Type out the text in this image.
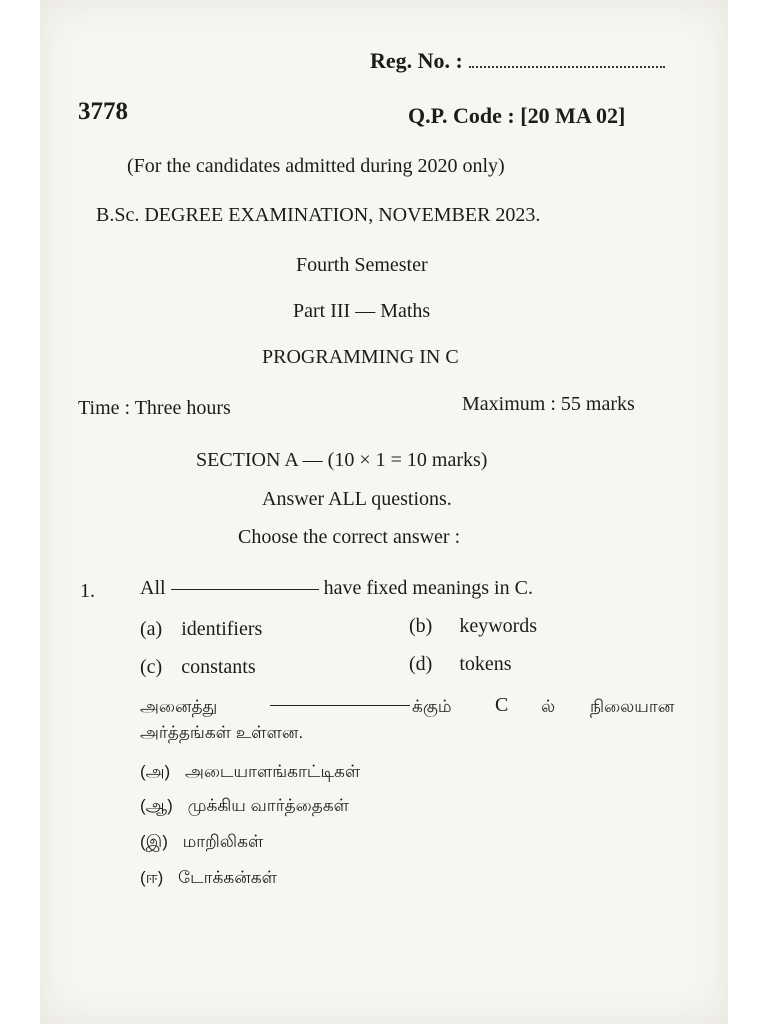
Reg. No. :
3778	Q.P. Code : [20 MA 02]
(For the candidates admitted during 2020 only)
B.Sc. DEGREE EXAMINATION, NOVEMBER 2023.
Fourth Semester
Part III — Maths
PROGRAMMING IN C
Time : Three hours	Maximum : 55 marks
SECTION A — (10 × 1 = 10 marks)
Answer ALL questions.
Choose the correct answer :
1. All	have fixed meanings in C.
(a) identifiers	(b) keywords
(c) constants	(d) tokens
அனைத்து	க்கும் C ல் நிலையான
அர்த்தங்கள் உள்ளன.
(அ) அடையாளங்காட்டிகள்
(ஆ) முக்கிய வார்த்தைகள்
(இ) மாறிலிகள்
(ஈ) டோக்கன்கள்
